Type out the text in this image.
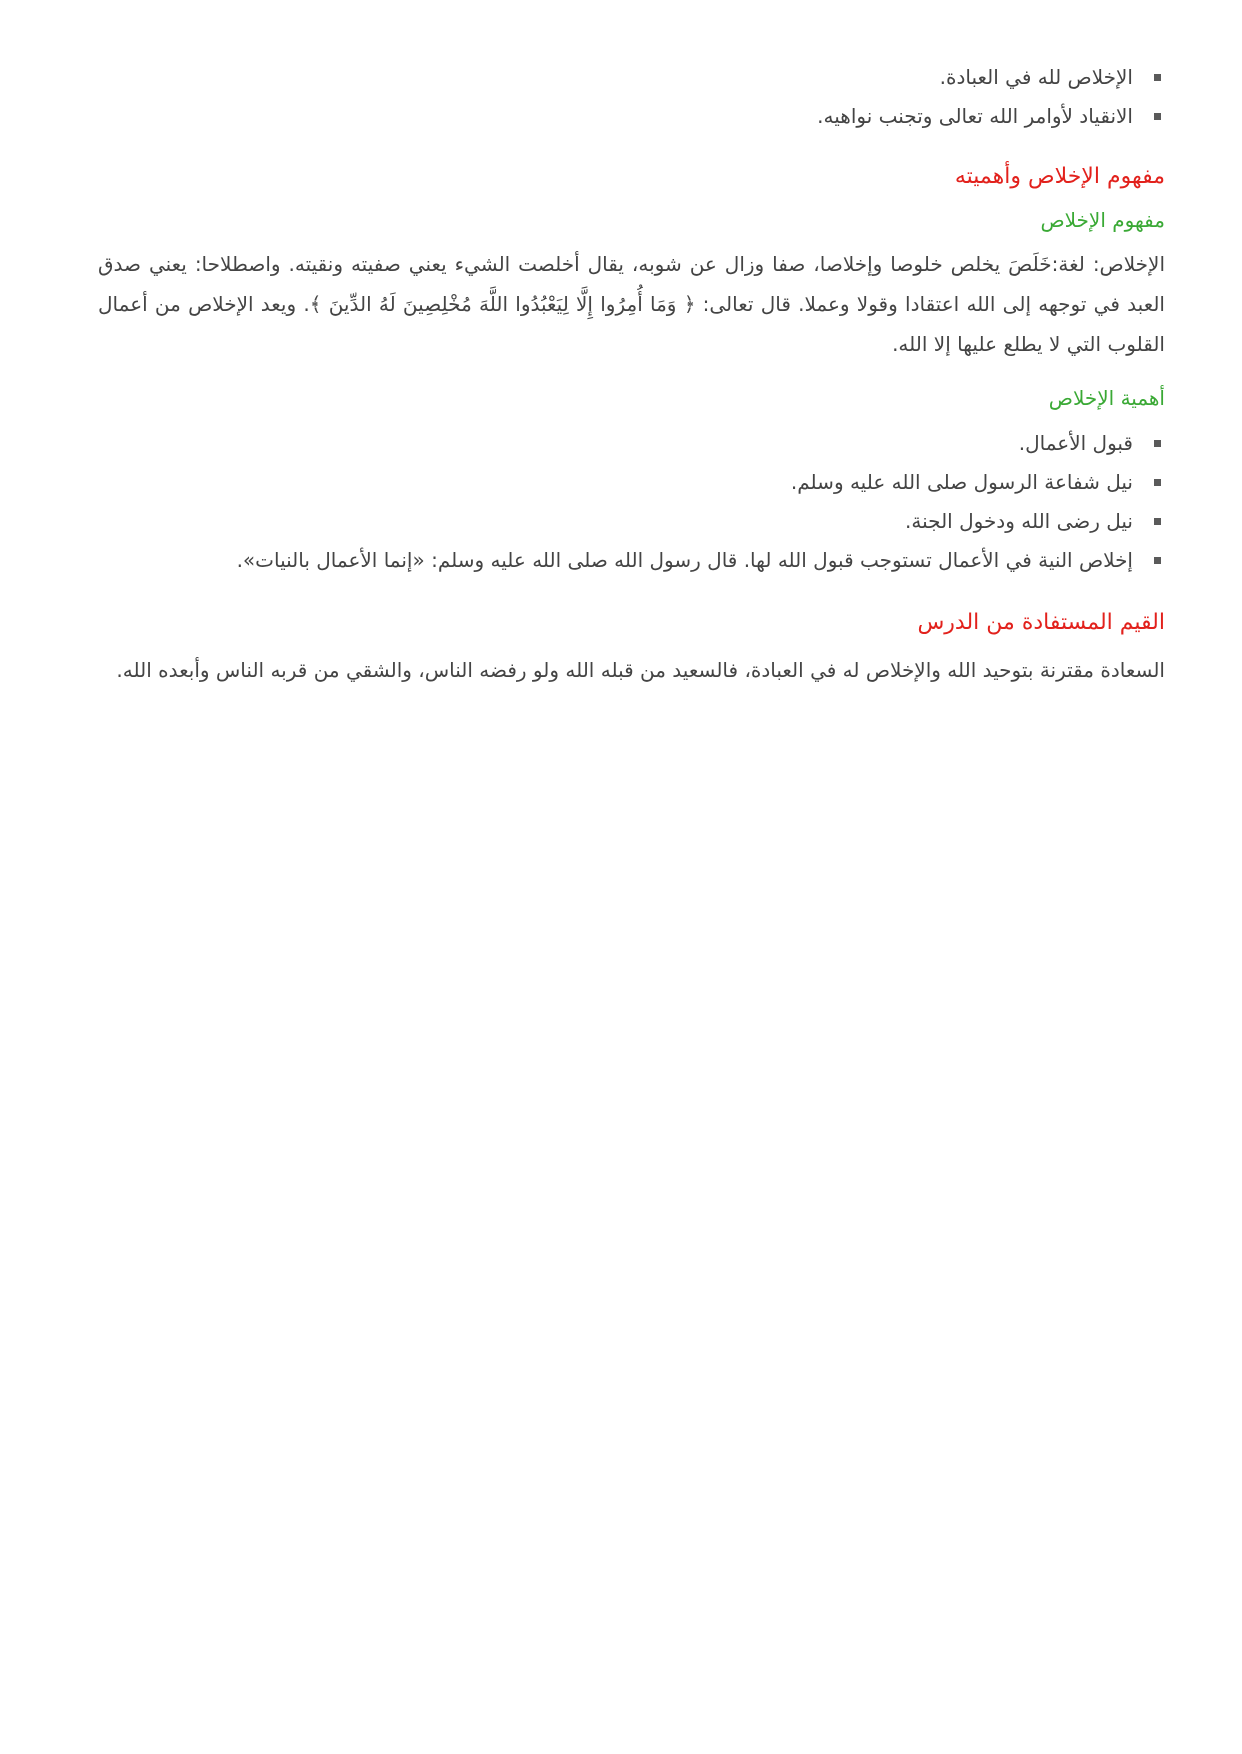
الإخلاص لله في العبادة.
الانقياد لأوامر الله تعالى وتجنب نواهيه.
مفهوم الإخلاص وأهميته
مفهوم الإخلاص

الإخلاص: لغة:خَلَصَ يخلص خلوصا وإخلاصا، صفا وزال عن شوبه، يقال أخلصت الشيء يعني صفيته ونقيته. واصطلاحا: يعني صدق العبد في توجهه إلى الله اعتقادا وقولا وعملا. قال تعالى: ﴿ وَمَا أُمِرُوا إِلَّا لِيَعْبُدُوا اللَّهَ مُخْلِصِينَ لَهُ الدِّينَ ﴾. ويعد الإخلاص من أعمال القلوب التي لا يطلع عليها إلا الله.

أهمية الإخلاص
قبول الأعمال.
نيل شفاعة الرسول صلى الله عليه وسلم.
نيل رضى الله ودخول الجنة.
إخلاص النية في الأعمال تستوجب قبول الله لها. قال رسول الله صلى الله عليه وسلم: «إنما الأعمال بالنيات».
القيم المستفادة من الدرس

السعادة مقترنة بتوحيد الله والإخلاص له في العبادة، فالسعيد من قبله الله ولو رفضه الناس، والشقي من قربه الناس وأبعده الله.
